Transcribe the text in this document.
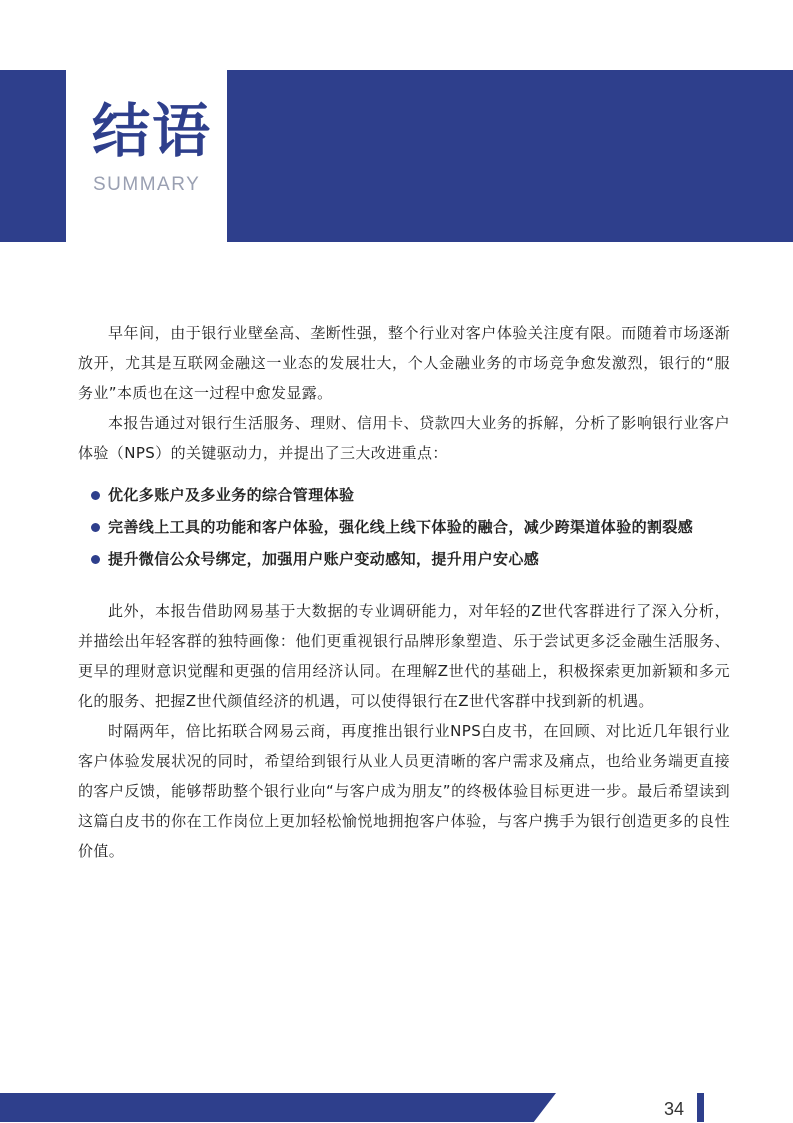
结语
SUMMARY

早年间，由于银行业壁垒高、垄断性强，整个行业对客户体验关注度有限。而随着市场逐渐放开，尤其是互联网金融这一业态的发展壮大，个人金融业务的市场竞争愈发激烈，银行的“服务业”本质也在这一过程中愈发显露。

本报告通过对银行生活服务、理财、信用卡、贷款四大业务的拆解，分析了影响银行业客户体验（NPS）的关键驱动力，并提出了三大改进重点：

优化多账户及多业务的综合管理体验
完善线上工具的功能和客户体验，强化线上线下体验的融合，减少跨渠道体验的割裂感
提升微信公众号绑定，加强用户账户变动感知，提升用户安心感

此外，本报告借助网易基于大数据的专业调研能力，对年轻的Z世代客群进行了深入分析，并描绘出年轻客群的独特画像：他们更重视银行品牌形象塑造、乐于尝试更多泛金融生活服务、更早的理财意识觉醒和更强的信用经济认同。在理解Z世代的基础上，积极探索更加新颖和多元化的服务、把握Z世代颜值经济的机遇，可以使得银行在Z世代客群中找到新的机遇。

时隔两年，倍比拓联合网易云商，再度推出银行业NPS白皮书，在回顾、对比近几年银行业客户体验发展状况的同时，希望给到银行从业人员更清晰的客户需求及痛点，也给业务端更直接的客户反馈，能够帮助整个银行业向“与客户成为朋友”的终极体验目标更进一步。最后希望读到这篇白皮书的你在工作岗位上更加轻松愉悦地拥抱客户体验，与客户携手为银行创造更多的良性价值。

34
